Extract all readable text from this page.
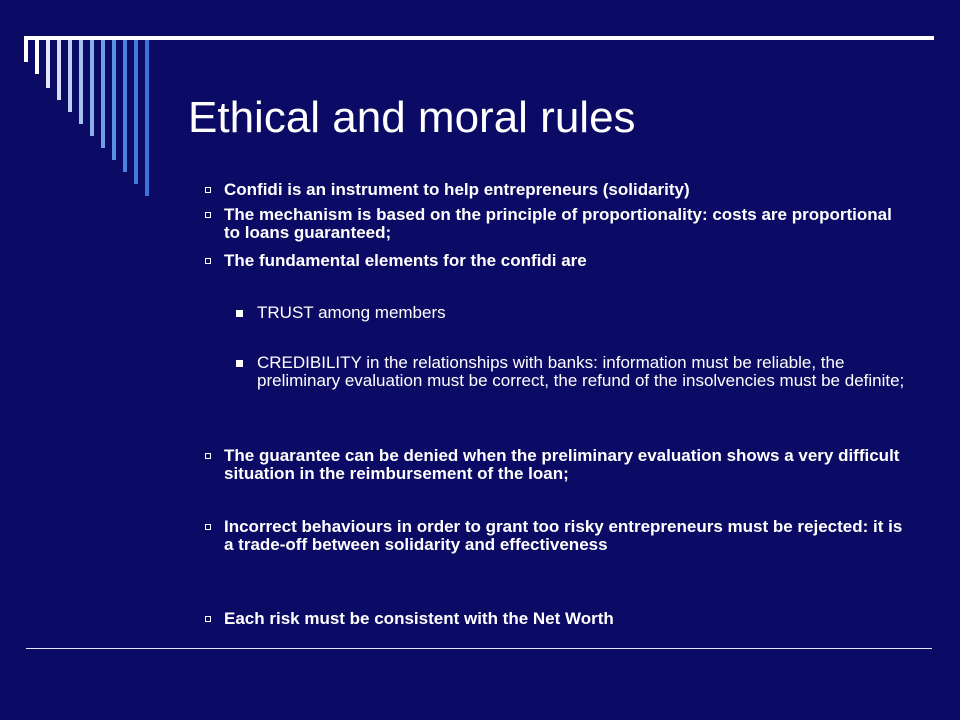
Ethical and moral rules
Confidi is an instrument to help entrepreneurs (solidarity)
The mechanism is based on the principle of proportionality: costs are proportional to loans guaranteed;
The fundamental elements for the confidi are
TRUST among members
CREDIBILITY in the relationships with banks: information must be reliable, the preliminary evaluation must be correct, the refund of the insolvencies must be definite;
The guarantee can be denied when the preliminary evaluation shows a very difficult situation in the reimbursement of the loan;
Incorrect behaviours in order to grant too risky entrepreneurs must be rejected: it is a trade-off between solidarity and effectiveness
Each risk must be consistent with the Net Worth
